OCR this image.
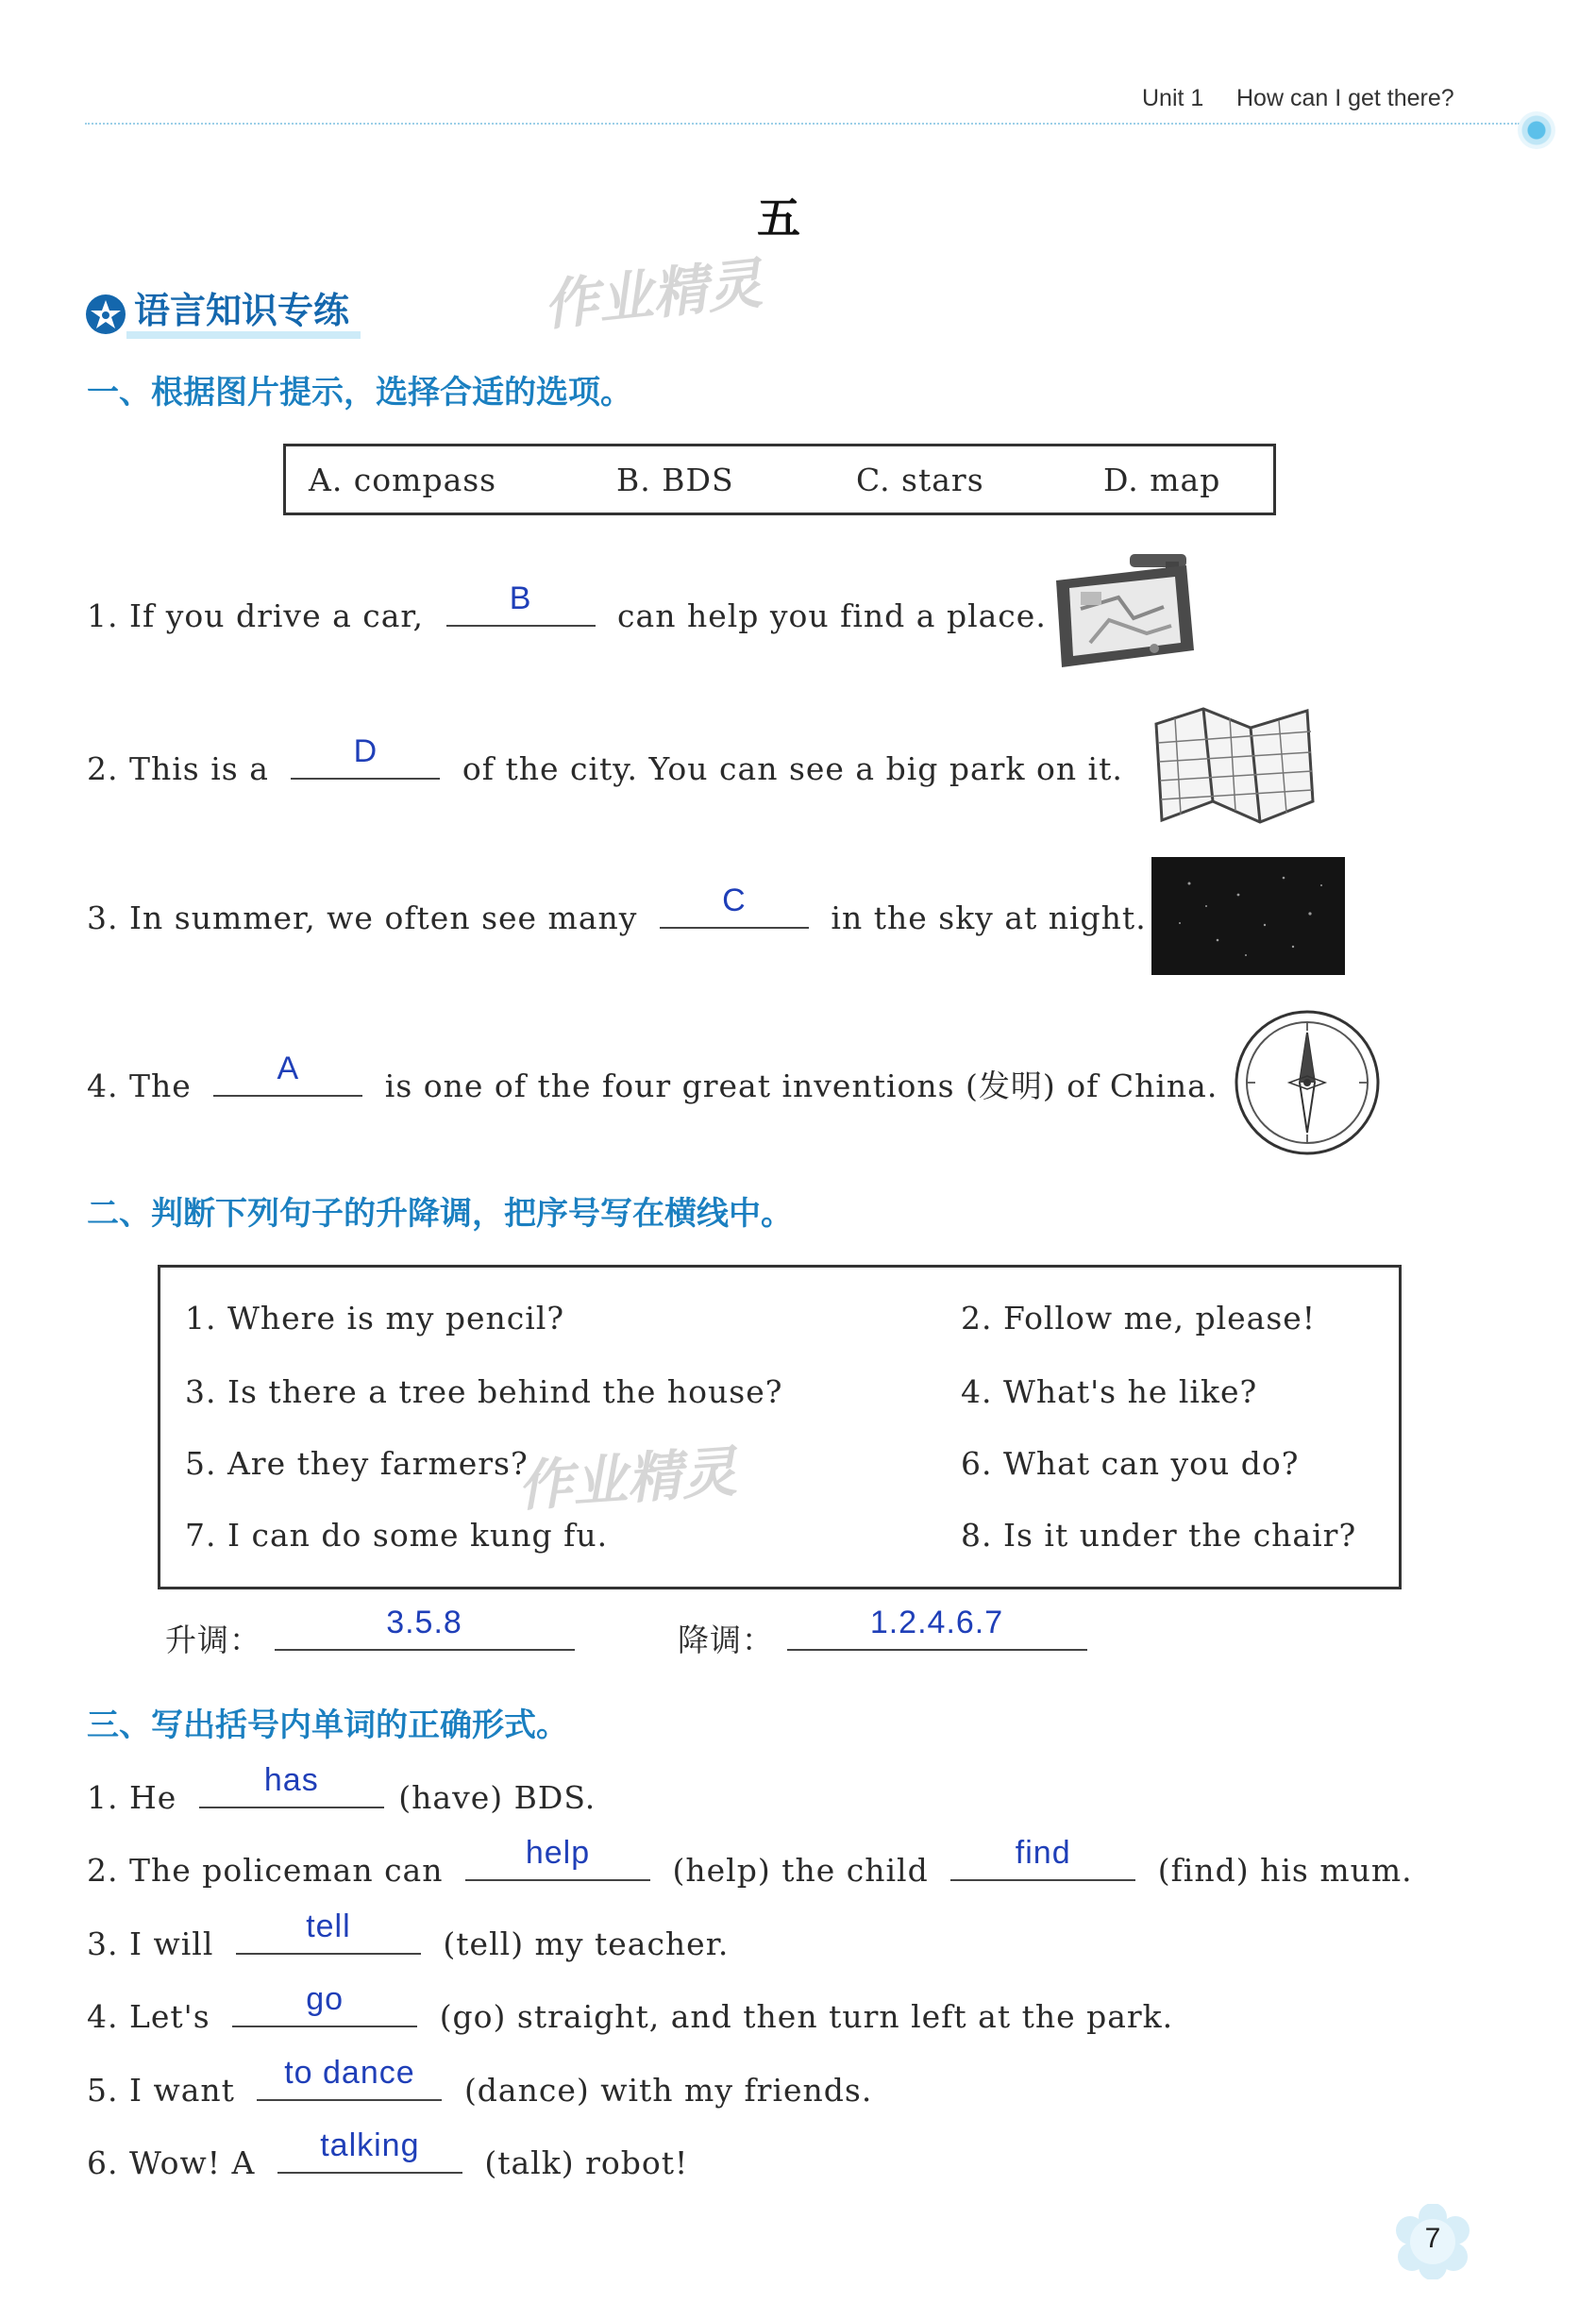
Unit 1 How can I get there?
五
语言知识专练	作业精灵
一、根据图片提示，选择合适的选项。
A. compass	B. BDS	C. stars	D. map
1. If you drive a car,	B	can help you find a place.
2. This is a	D	of the city. You can see a big park on it.
3. In summer, we often see many	C	in the sky at night.
4. The	A	is one of the four great inventions (发明) of China.
二、判断下列句子的升降调，把序号写在横线中。
1. Where is my pencil?	2. Follow me, please!
3. Is there a tree behind the house?	4. What's he like?
5. Are they farmers?	6. What can you do?
7. I can do some kung fu.	8. Is it under the chair?
作业精灵
升调：	3.5.8	降调：	1.2.4.6.7
三、写出括号内单词的正确形式。
1. He	has	(have) BDS.
2. The policeman can	help	(help) the child	find	(find) his mum.
3. I will	tell	(tell) my teacher.
4. Let's	go	(go) straight, and then turn left at the park.
5. I want	to dance	(dance) with my friends.
6. Wow! A	talking	(talk) robot!
7
